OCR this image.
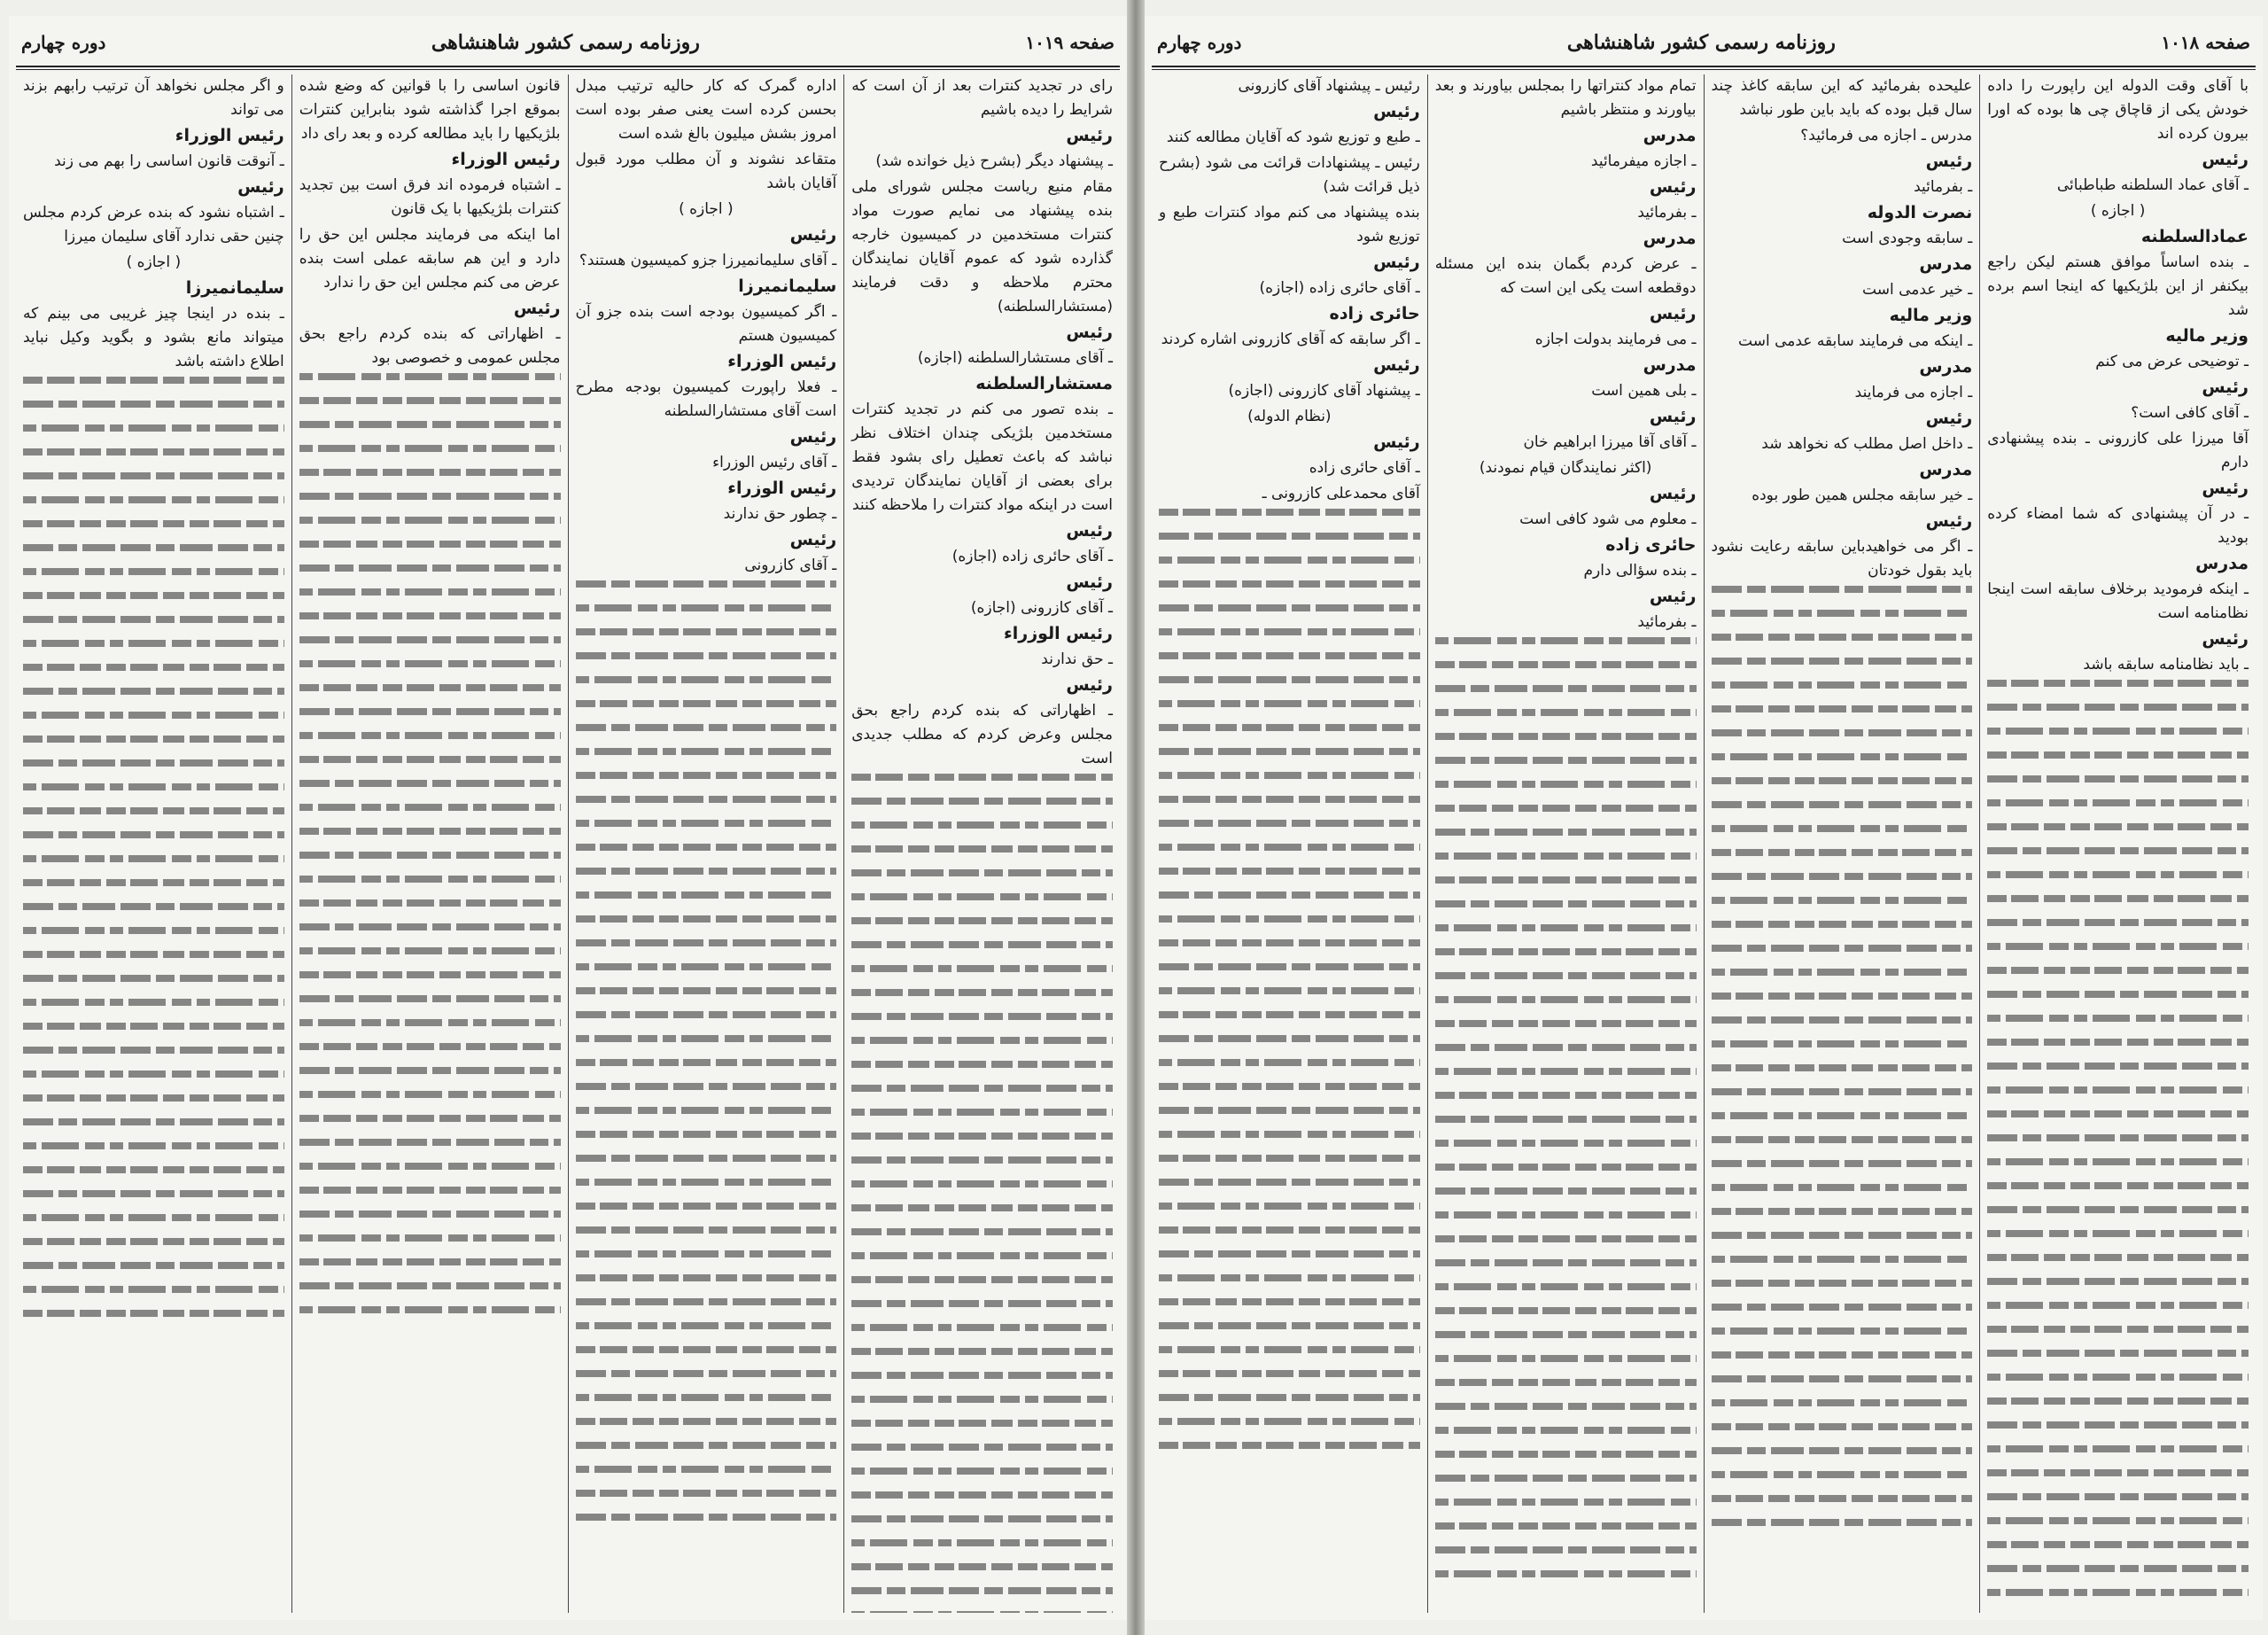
صفحه ۱۰۱۹
روزنامه رسمی کشور شاهنشاهی
دوره چهارم

رای در تجدید کنترات بعد از آن است که شرایط را دیده باشیم

رئیس

ـ پیشنهاد دیگر (بشرح ذیل خوانده شد)

مقام منیع ریاست مجلس شورای ملی بنده پیشنهاد می نمایم صورت مواد کنترات مستخدمین در کمیسیون خارجه گذارده شود که عموم آقایان نمایندگان محترم ملاحظه و دقت فرمایند (مستشارالسلطنه)

رئیس

ـ آقای مستشارالسلطنه (اجازه)

مستشارالسلطنه

ـ بنده تصور می کنم در تجدید کنترات مستخدمین بلژیکی چندان اختلاف نظر نباشد که باعث تعطیل رای بشود فقط برای بعضی از آقایان نمایندگان تردیدی است در اینکه مواد کنترات را ملاحظه کنند

رئیس

ـ آقای حائری زاده (اجازه)

رئیس

ـ آقای کازرونی (اجازه)

رئیس الوزراء

ـ حق ندارند

رئیس

ـ اظهاراتی که بنده کردم راجع بحق مجلس وعرض کردم که مطلب جدیدی است

اداره گمرک که کار حالیه ترتیب مبدل بحسن کرده است یعنی صفر بوده است امروز بشش میلیون بالغ شده است

متقاعد نشوند و آن مطلب مورد قبول آقایان باشد

( اجازه )

رئیس

ـ آقای سلیمانمیرزا جزو کمیسیون هستند؟

سلیمانمیرزا

ـ اگر کمیسیون بودجه است بنده جزو آن کمیسیون هستم

رئیس الوزراء

ـ فعلا راپورت کمیسیون بودجه مطرح است آقای مستشارالسلطنه

رئیس

ـ آقای رئیس الوزراء

رئیس الوزراء

ـ چطور حق ندارند

رئیس

ـ آقای کازرونی

قانون اساسی را با قوانین که وضع شده بموقع اجرا گذاشته شود بنابراین کنترات بلژیکیها را باید مطالعه کرده و بعد رای داد

رئیس الوزراء

ـ اشتباه فرموده اند فرق است بین تجدید کنترات بلژیکیها با یک قانون

اما اینکه می فرمایند مجلس این حق را دارد و این هم سابقه عملی است بنده عرض می کنم مجلس این حق را ندارد

رئیس

ـ اظهاراتی که بنده کردم راجع بحق مجلس عمومی و خصوصی بود

و اگر مجلس نخواهد آن ترتیب رابهم بزند می تواند

رئیس الوزراء

ـ آنوقت قانون اساسی را بهم می زند

رئیس

ـ اشتباه نشود که بنده عرض کردم مجلس چنین حقی ندارد آقای سلیمان میرزا

( اجازه )

سلیمانمیرزا

ـ بنده در اینجا چیز غریبی می بینم که میتواند مانع بشود و بگوید وکیل نباید اطلاع داشته باشد

صفحه ۱۰۱۸
روزنامه رسمی کشور شاهنشاهی
دوره چهارم

با آقای وقت الدوله این راپورت را داده خودش یکی از قاچاق چی ها بوده که اورا بیرون کرده اند

رئیس

ـ آقای عماد السلطنه طباطبائی

( اجازه )

عمادالسلطنه

ـ بنده اساساً موافق هستم لیکن راجع بیکنفر از این بلژیکیها که اینجا اسم برده شد

وزیر مالیه

ـ توضیحی عرض می کنم

رئیس

ـ آقای کافی است؟

آقا میرزا علی کازرونی ـ بنده پیشنهادی دارم

رئیس

ـ در آن پیشنهادی که شما امضاء کرده بودید

مدرس

ـ اینکه فرمودید برخلاف سابقه است اینجا نظامنامه است

رئیس

ـ باید نظامنامه سابقه باشد

علیحده بفرمائید که این سابقه کاغذ چند سال قبل بوده که باید باین طور نباشد

مدرس ـ اجازه می فرمائید؟

رئیس

ـ بفرمائید

نصرت الدوله

ـ سابقه وجودی است

مدرس

ـ خیر عدمی است

وزیر مالیه

ـ اینکه می فرمایند سابقه عدمی است

مدرس

ـ اجازه می فرمایند

رئیس

ـ داخل اصل مطلب که نخواهد شد

مدرس

ـ خیر سابقه مجلس همین طور بوده

رئیس

ـ اگر می خواهیدباین سابقه رعایت نشود باید بقول خودتان

تمام مواد کنتراتها را بمجلس بیاورند و بعد بیاورند و منتظر باشیم

مدرس

ـ اجازه میفرمائید

رئیس

ـ بفرمائید

مدرس

ـ عرض کردم بگمان بنده این مسئله دوقطعه است یکی این است که

رئیس

ـ می فرمایند بدولت اجازه

مدرس

ـ بلی همین است

رئیس

ـ آقای آقا میرزا ابراهیم خان

(اکثر نمایندگان قیام نمودند)

رئیس

ـ معلوم می شود کافی است

حائری زاده

ـ بنده سؤالی دارم

رئیس

ـ بفرمائید

رئیس ـ پیشنهاد آقای کازرونی

رئیس

ـ طبع و توزیع شود که آقایان مطالعه کنند

رئیس ـ پیشنهادات قرائت می شود (بشرح ذیل قرائت شد)

بنده پیشنهاد می کنم مواد کنترات طبع و توزیع شود

رئیس

ـ آقای حائری زاده (اجازه)

حائری زاده

ـ اگر سابقه که آقای کازرونی اشاره کردند

رئیس

ـ پیشنهاد آقای کازرونی (اجازه)

(نظام الدوله)

رئیس

ـ آقای حائری زاده

آقای محمدعلی کازرونی ـ
